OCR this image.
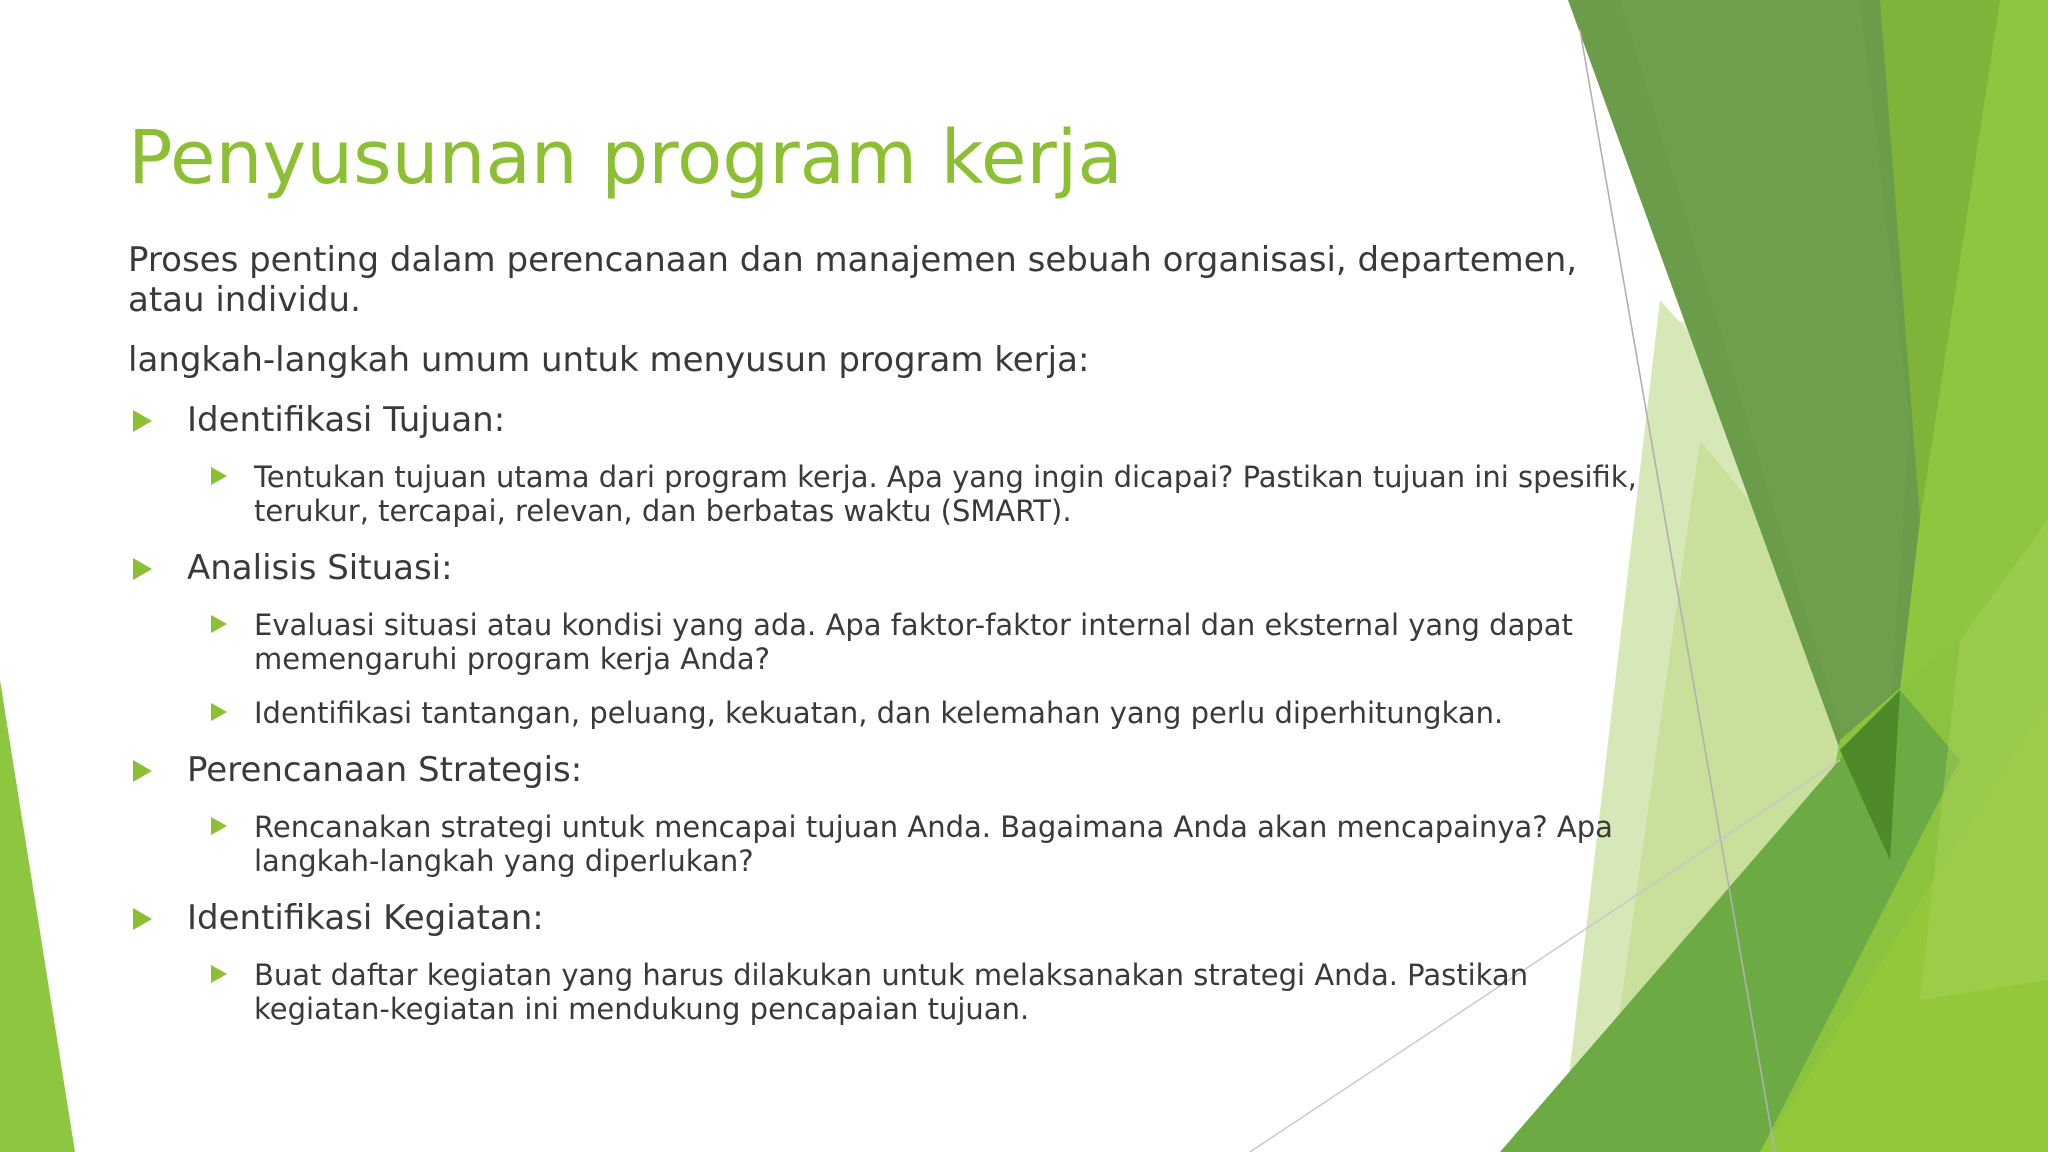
Penyusunan program kerja

Proses penting dalam perencanaan dan manajemen sebuah organisasi, departemen, atau individu.

langkah-langkah umum untuk menyusun program kerja:

Identifikasi Tujuan:
Tentukan tujuan utama dari program kerja. Apa yang ingin dicapai? Pastikan tujuan ini spesifik, terukur, tercapai, relevan, dan berbatas waktu (SMART).
Analisis Situasi:
Evaluasi situasi atau kondisi yang ada. Apa faktor-faktor internal dan eksternal yang dapat memengaruhi program kerja Anda?
Identifikasi tantangan, peluang, kekuatan, dan kelemahan yang perlu diperhitungkan.
Perencanaan Strategis:
Rencanakan strategi untuk mencapai tujuan Anda. Bagaimana Anda akan mencapainya? Apa langkah-langkah yang diperlukan?
Identifikasi Kegiatan:
Buat daftar kegiatan yang harus dilakukan untuk melaksanakan strategi Anda. Pastikan kegiatan-kegiatan ini mendukung pencapaian tujuan.
